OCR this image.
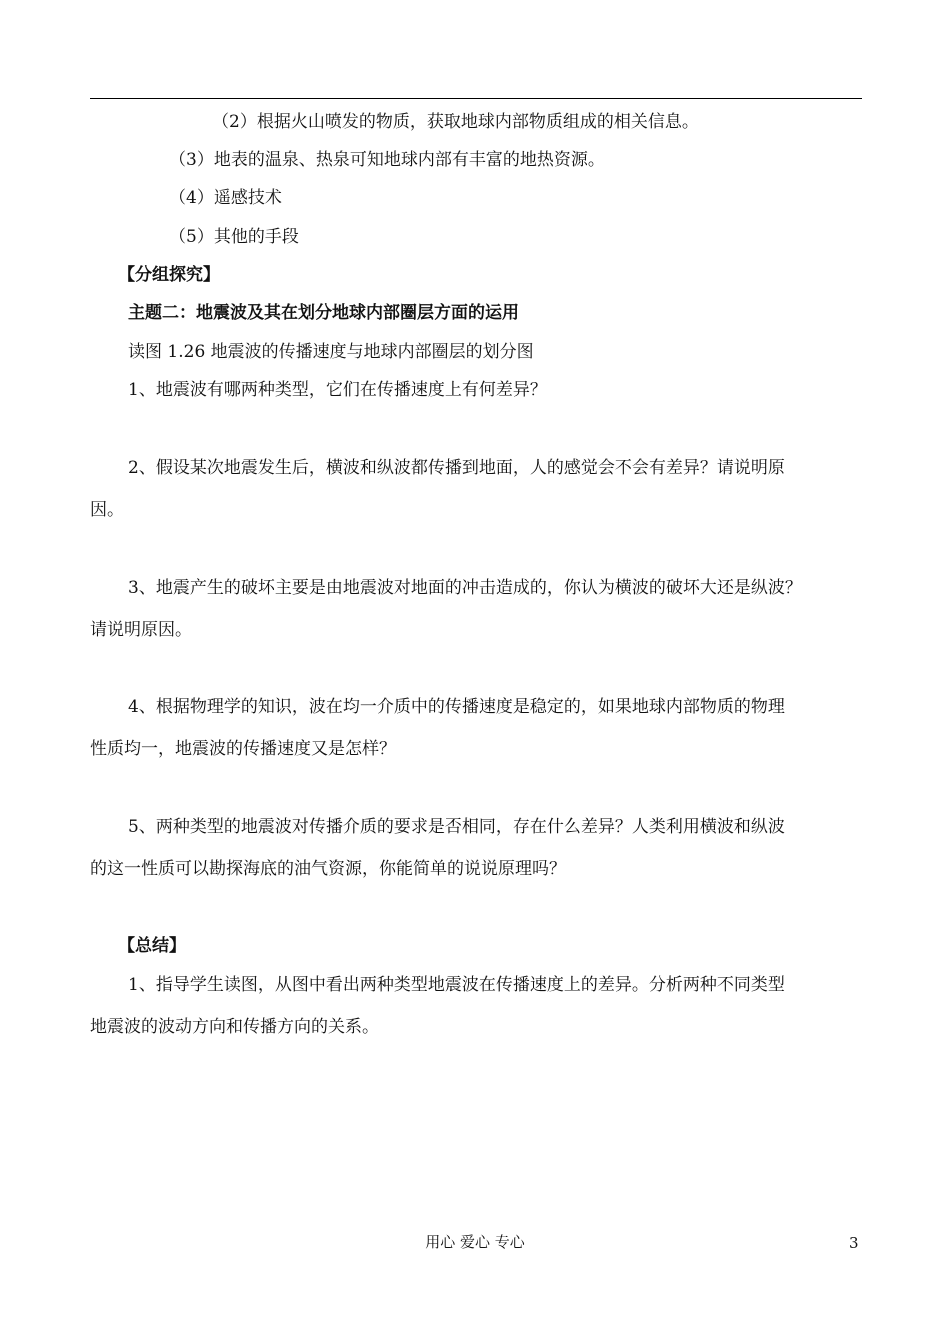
（2）根据火山喷发的物质，获取地球内部物质组成的相关信息。
（3）地表的温泉、热泉可知地球内部有丰富的地热资源。
（4）遥感技术
（5）其他的手段
【分组探究】
主题二：地震波及其在划分地球内部圈层方面的运用
读图 1.26 地震波的传播速度与地球内部圈层的划分图
1、地震波有哪两种类型，它们在传播速度上有何差异？
2、假设某次地震发生后，横波和纵波都传播到地面，人的感觉会不会有差异？请说明原
因。
3、地震产生的破坏主要是由地震波对地面的冲击造成的，你认为横波的破坏大还是纵波？
请说明原因。
4、根据物理学的知识，波在均一介质中的传播速度是稳定的，如果地球内部物质的物理
性质均一，地震波的传播速度又是怎样？
5、两种类型的地震波对传播介质的要求是否相同，存在什么差异？人类利用横波和纵波
的这一性质可以勘探海底的油气资源，你能简单的说说原理吗？
【总结】
1、指导学生读图，从图中看出两种类型地震波在传播速度上的差异。分析两种不同类型
地震波的波动方向和传播方向的关系。
用心 爱心 专心	3
